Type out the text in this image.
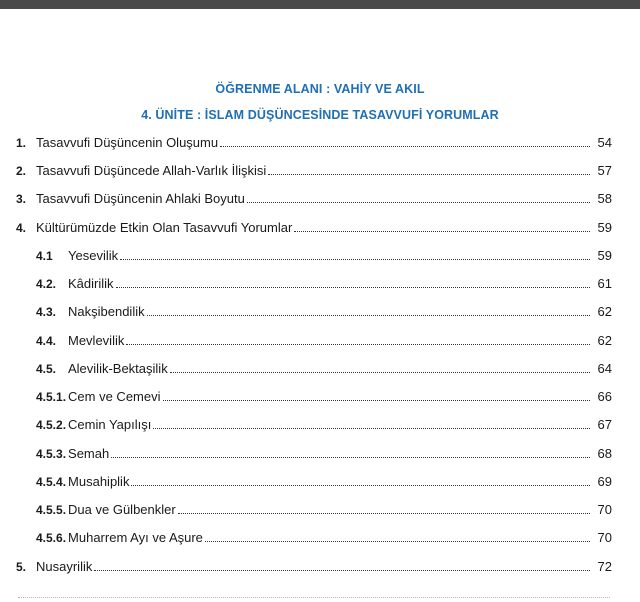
ÖĞRENME ALANI : VAHİY VE AKIL
4. ÜNİTE : İSLAM DÜŞÜNCESİNDE TASAVVUFİ YORUMLAR
1. Tasavvufi Düşüncenin Oluşumu	54
2. Tasavvufi Düşüncede Allah-Varlık İlişkisi	57
3. Tasavvufi Düşüncenin Ahlaki Boyutu	58
4. Kültürümüzde Etkin Olan Tasavvufi Yorumlar	59
4.1	Yesevilik	59
4.2. Kâdirilik	61
4.3. Nakşibendilik	62
4.4. Mevlevilik	62
4.5. Alevilik-Bektaşilik	64
4.5.1. Cem ve Cemevi	66
4.5.2. Cemin Yapılışı	67
4.5.3. Semah	68
4.5.4. Musahiplik	69
4.5.5. Dua ve Gülbenkler	70
4.5.6. Muharrem Ayı ve Aşure	70
5. Nusayrilik	72
